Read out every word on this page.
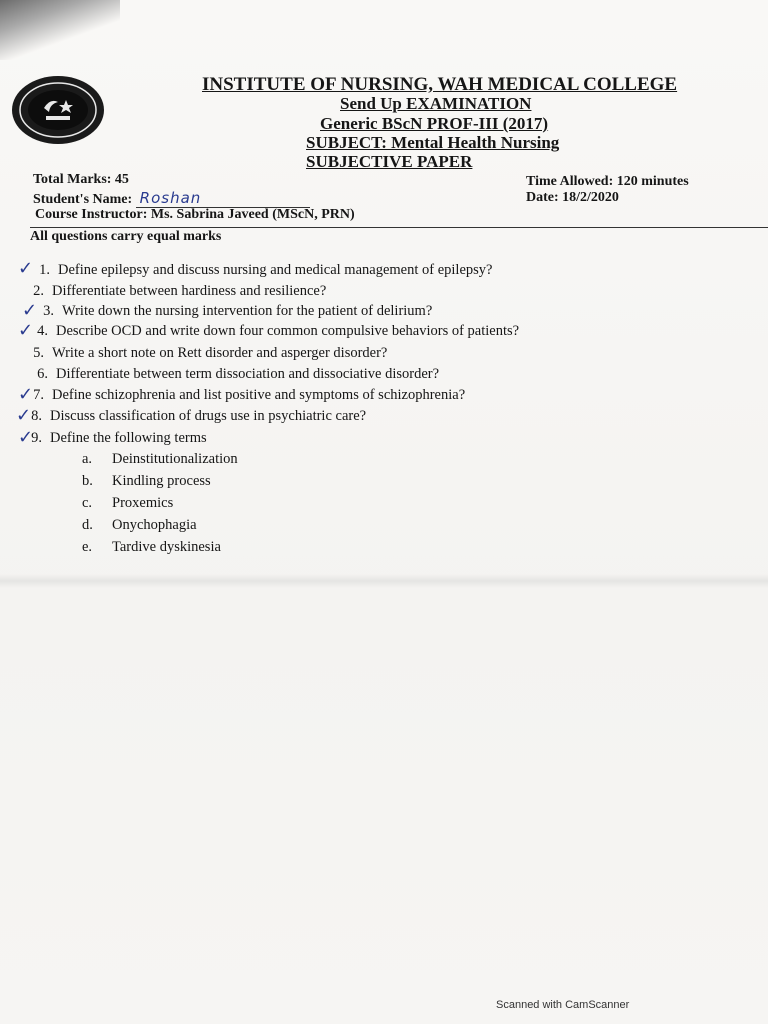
INSTITUTE OF NURSING, WAH MEDICAL COLLEGE
Send Up EXAMINATION
Generic BScN PROF-III (2017)
SUBJECT: Mental Health Nursing
SUBJECTIVE PAPER
Total Marks: 45
Student's Name: Roshan
Course Instructor: Ms. Sabrina Javeed (MScN, PRN)
Time Allowed: 120 minutes
Date: 18/2/2020
All questions carry equal marks
✓ 1. Define epilepsy and discuss nursing and medical management of epilepsy?
2. Differentiate between hardiness and resilience?
✓ 3. Write down the nursing intervention for the patient of delirium?
✓ 4. Describe OCD and write down four common compulsive behaviors of patients?
5. Write a short note on Rett disorder and asperger disorder?
6. Differentiate between term dissociation and dissociative disorder?
✓ 7. Define schizophrenia and list positive and symptoms of schizophrenia?
✓ 8. Discuss classification of drugs use in psychiatric care?
✓
9. Define the following terms
a. Deinstitutionalization
b. Kindling process
c. Proxemics
d. Onychophagia
e. Tardive dyskinesia
Scanned with CamScanner
